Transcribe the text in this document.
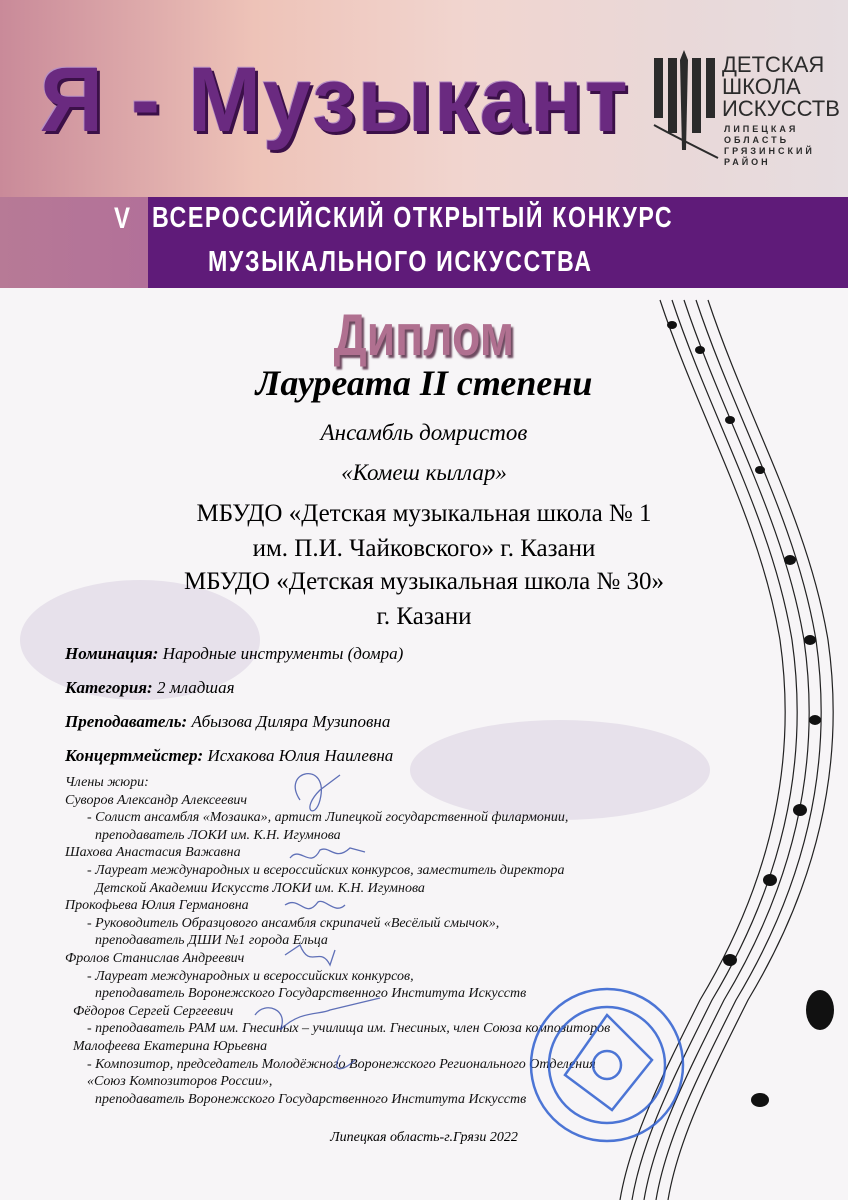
Я - Музыкант	ДЕТСКАЯ
ШКОЛА
ИСКУССТВ
ЛИПЕЦКАЯ
ОБЛАСТЬ
ГРЯЗИНСКИЙ
РАЙОН
V ВСЕРОССИЙСКИЙ ОТКРЫТЫЙ КОНКУРС
МУЗЫКАЛЬНОГО ИСКУССТВА
Диплом
Лауреата II степени
Ансамбль домристов
«Комеш кыллар»
МБУДО «Детская музыкальная школа № 1
им. П.И. Чайковского» г. Казани
МБУДО «Детская музыкальная школа № 30»
г. Казани
Номинация: Народные инструменты (домра)
Категория: 2 младшая
Преподаватель: Абызова Диляра Музиповна
Концертмейстер: Исхакова Юлия Наилевна
Члены жюри:
Суворов Александр Алексеевич
- Солист ансамбля «Мозаика», артист Липецкой государственной филармонии,
преподаватель ЛОКИ им. К.Н. Игумнова
Шахова Анастасия Важавна
- Лауреат международных и всероссийских конкурсов, заместитель директора
Детской Академии Искусств ЛОКИ им. К.Н. Игумнова
Прокофьева Юлия Германовна
- Руководитель Образцового ансамбля скрипачей «Весёлый смычок»,
преподаватель ДШИ №1 города Ельца
Фролов Станислав Андреевич
- Лауреат международных и всероссийских конкурсов,
преподаватель Воронежского Государственного Института Искусств
Фёдоров Сергей Сергеевич
- преподаватель РАМ им. Гнесиных – училища им. Гнесиных, член Союза композиторов
Малофеева Екатерина Юрьевна
- Композитор, председатель Молодёжного Воронежского Регионального Отделения
«Союз Композиторов России»,
преподаватель Воронежского Государственного Института Искусств
Липецкая область-г.Грязи 2022
